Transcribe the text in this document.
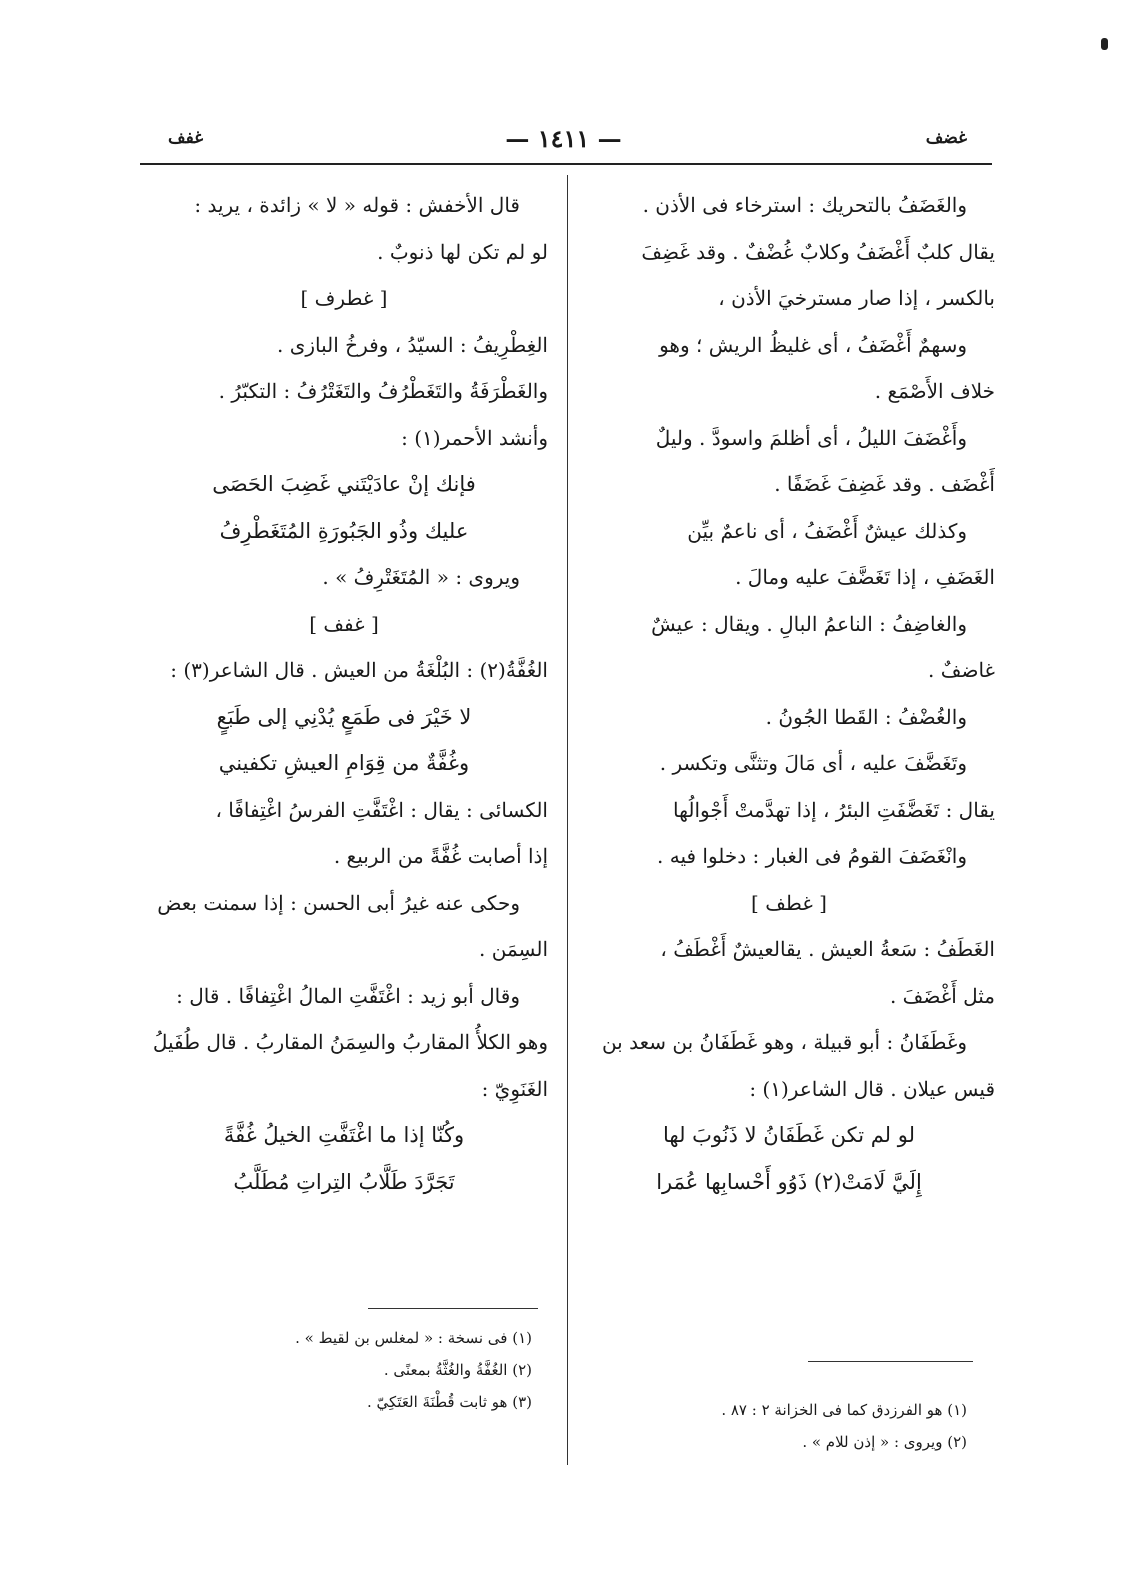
غضف
— ١٤١١ —
غفف
والغَضَفُ بالتحريك : استرخاء فى الأذن .
يقال كلبٌ أَغْضَفُ وكلابٌ غُضْفٌ . وقد غَضِفَ
بالكسر ، إذا صار مسترخيَ الأذن ،
وسهمٌ أَغْضَفُ ، أى غليظُ الريش ؛ وهو
خلاف الأَصْمَع .
وأَغْضَفَ الليلُ ، أى أظلمَ واسودَّ . وليلٌ
أَغْضَف . وقد غَضِفَ غَضَفًا .
وكذلك عيشٌ أَغْضَفُ ، أى ناعمٌ بيِّن
الغَضَفِ ، إذا تَغَضَّفَ عليه ومالَ .
والغاضِفُ : الناعمُ البالِ . ويقال : عيشٌ
غاضفٌ .
والغُضْفُ : القَطا الجُونُ .
وتَغَضَّفَ عليه ، أى مَالَ وتثنَّى وتكسر .
يقال : تَغَضَّفَتِ البئرُ ، إذا تهدَّمتْ أَجْوالُها
وانْغَضَفَ القومُ فى الغبار : دخلوا فيه .
[ غطف ]
الغَطَفُ : سَعةُ العيش . يقالعيشٌ أَغْطَفُ ،
مثل أَغْضَفَ .
وغَطَفَانُ : أبو قبيلة ، وهو غَطَفَانُ بن سعد بن
قيس عيلان . قال الشاعر(١) :
لو لم تكن غَطَفَانُ لا ذَنُوبَ لها
إِلَيَّ لَامَتْ(٢) ذَوُو أَحْسابِها عُمَرا
قال الأخفش : قوله « لا » زائدة ، يريد :
لو لم تكن لها ذنوبٌ .
[ غطرف ]
الغِطْرِيفُ : السيّدُ ، وفرخُ البازى .
والغَطْرَفَةُ والتَغَطْرُفُ والتَغَتْرُفُ : التكبّرُ .
وأنشد الأحمر(١) :
فإنك إنْ عادَيْتَني غَضِبَ الحَصَى
عليك وذُو الجَبُورَةِ المُتَغَطْرِفُ
ويروى : « المُتَغَتْرِفُ » .
[ غفف ]
الغُفَّةُ(٢) : البُلْغَةُ من العيش . قال الشاعر(٣) :
لا خَيْرَ فى طَمَعٍ يُدْنِي إلى طَبَعٍ
وغُفَّةٌ من قِوَامِ العيشِ تكفيني
الكسائى : يقال : اغْتَفَّتِ الفرسُ اغْتِفافًا ،
إذا أصابت غُفَّةً من الربيع .
وحكى عنه غيرُ أبى الحسن : إذا سمنت بعض
السِمَن .
وقال أبو زيد : اغْتَفَّتِ المالُ اغْتِفافًا . قال :
وهو الكلأُ المقاربُ والسِمَنُ المقاربُ . قال طُفَيلُ
الغَنَوِيّ :
وكُنّا إذا ما اغْتَفَّتِ الخيلُ غُفَّةً
تَجَرَّدَ طَلَّابُ التِراتِ مُطَلَّبُ
(١) هو الفرزدق كما فى الخزانة ٢ : ٨٧ .
(٢) ويروى : « إذن للام » .
(١) فى نسخة : « لمغلس بن لقيط » .
(٢) الغُفَّةُ والغُثَّةُ بمعنًى .
(٣) هو ثابت قُطْنَةَ العَتَكِيّ .
